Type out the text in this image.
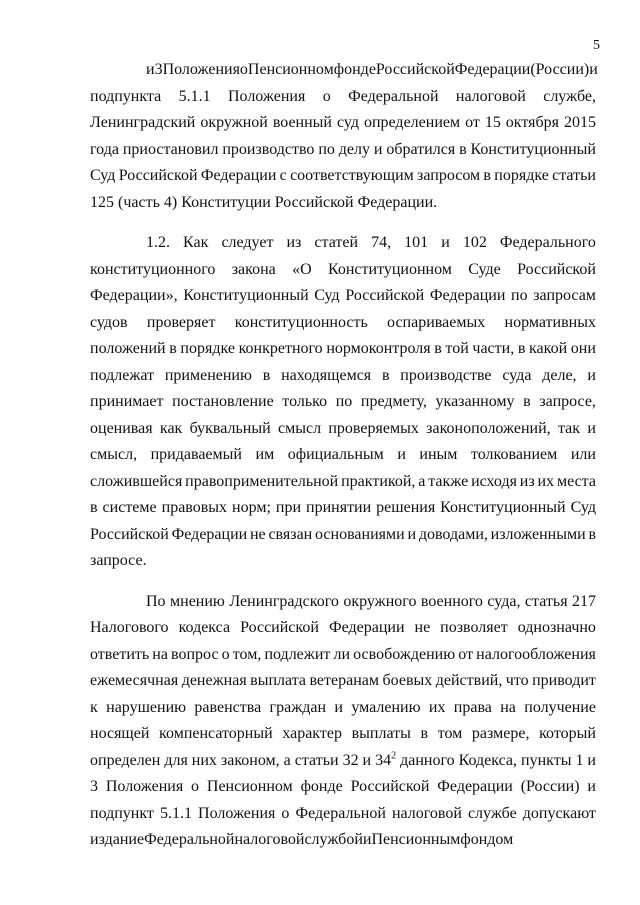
5
и 3 Положения о Пенсионном фонде Российской Федерации (России) и
подпункта 5.1.1 Положения о Федеральной налоговой службе,
Ленинградский окружной военный суд определением от 15 октября 2015
года приостановил производство по делу и обратился в Конституционный
Суд Российской Федерации с соответствующим запросом в порядке статьи
125 (часть 4) Конституции Российской Федерации.
1.2. Как следует из статей 74, 101 и 102 Федерального
конституционного закона «О Конституционном Суде Российской
Федерации», Конституционный Суд Российской Федерации по запросам
судов проверяет конституционность оспариваемых нормативных
положений в порядке конкретного нормоконтроля в той части, в какой они
подлежат применению в находящемся в производстве суда деле, и
принимает постановление только по предмету, указанному в запросе,
оценивая как буквальный смысл проверяемых законоположений, так и
смысл, придаваемый им официальным и иным толкованием или
сложившейся правоприменительной практикой, а также исходя из их места
в системе правовых норм; при принятии решения Конституционный Суд
Российской Федерации не связан основаниями и доводами, изложенными в
запросе.
По мнению Ленинградского окружного военного суда, статья 217
Налогового кодекса Российской Федерации не позволяет однозначно
ответить на вопрос о том, подлежит ли освобождению от налогообложения
ежемесячная денежная выплата ветеранам боевых действий, что приводит
к нарушению равенства граждан и умалению их права на получение
носящей компенсаторный характер выплаты в том размере, который
определен для них законом, а статьи 32 и $34^2$ данного Кодекса, пункты 1 и
3 Положения о Пенсионном фонде Российской Федерации (России) и
подпункт 5.1.1 Положения о Федеральной налоговой службе допускают
издание Федеральной налоговой службой и Пенсионным фондом
